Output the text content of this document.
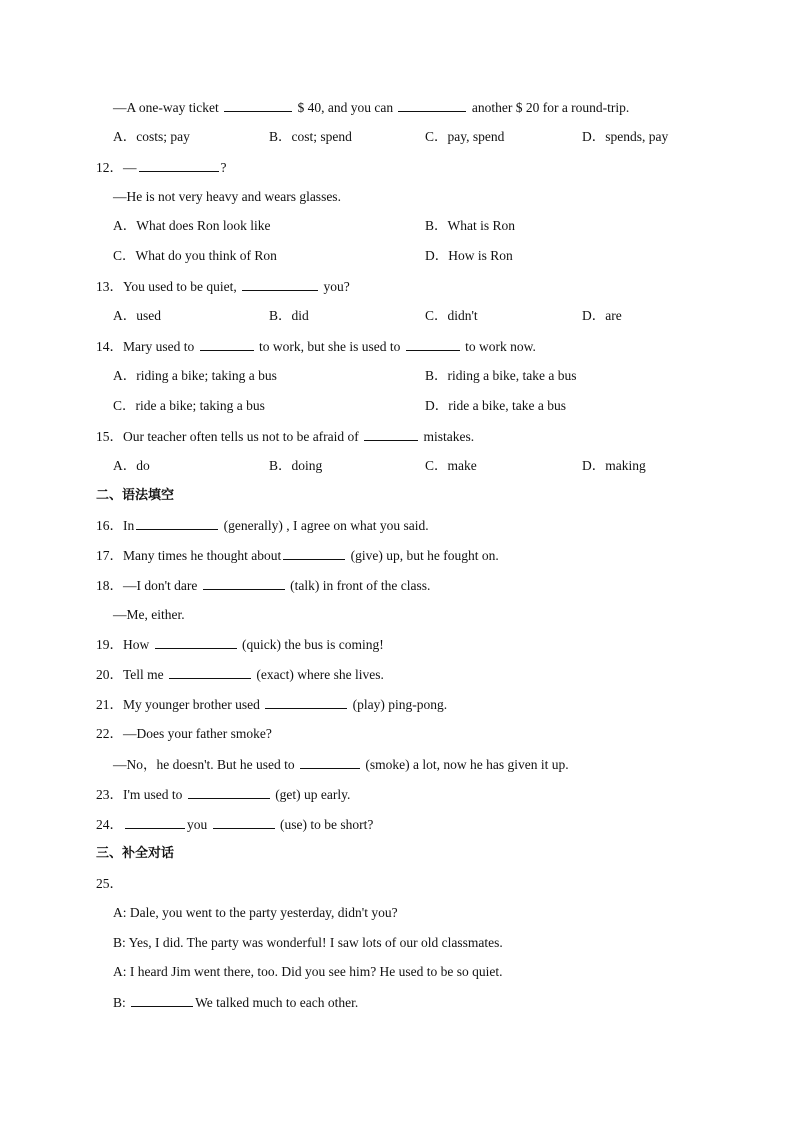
—A one-way ticket	$ 40, and you can	another $ 20 for a round-trip.
A．costs; pay	B．cost; spend	C．pay, spend	D．spends, pay
12．—	?
—He is not very heavy and wears glasses.
A．What does Ron look like	B．What is Ron
C．What do you think of Ron	D．How is Ron
13．You used to be quiet,	you?
A．used	B．did	C．didn't	D．are
14．Mary used to	to work, but she is used to	to work now.
A．riding a bike; taking a bus	B．riding a bike, take a bus
C．ride a bike; taking a bus	D．ride a bike, take a bus
15．Our teacher often tells us not to be afraid of	mistakes.
A．do	B．doing	C．make	D．making
二、语法填空
16．In	(generally) , I agree on what you said.
17．Many times he thought about	(give) up, but he fought on.
18．—I don't dare	(talk) in front of the class.
—Me, either.
19．How	(quick) the bus is coming!
20．Tell me	(exact) where she lives.
21．My younger brother used	(play) ping-pong.
22．—Does your father smoke?
—No，he doesn't. But he used to	(smoke) a lot, now he has given it up.
23．I'm used to	(get) up early.
24．	you	(use) to be short?
三、补全对话
25．
A: Dale, you went to the party yesterday, didn't you?
B: Yes, I did. The party was wonderful! I saw lots of our old classmates.
A: I heard Jim went there, too. Did you see him? He used to be so quiet.
B:	We talked much to each other.
